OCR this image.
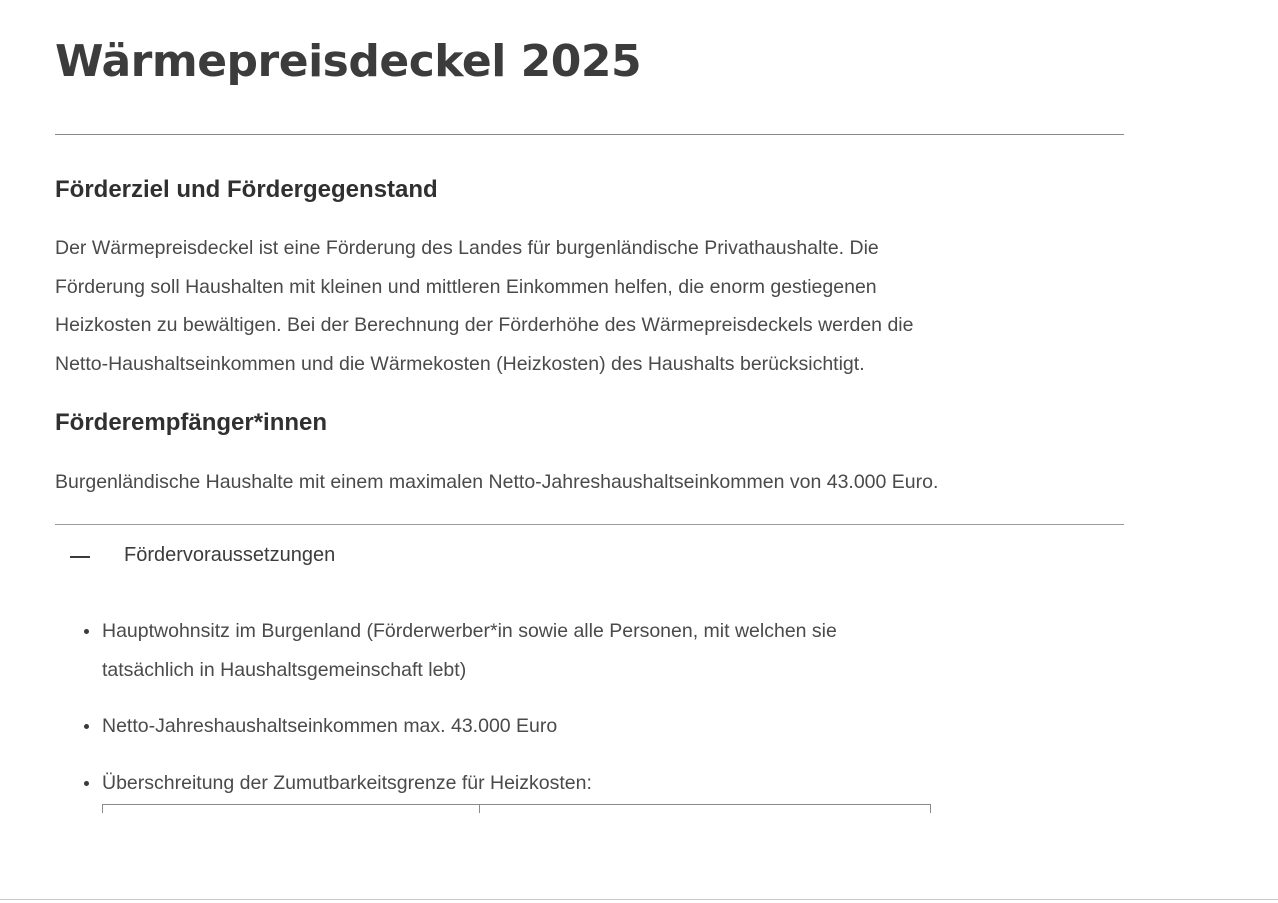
Wärmepreisdeckel 2025
Förderziel und Fördergegenstand

Der Wärmepreisdeckel ist eine Förderung des Landes für burgenländische Privathaushalte. Die
Förderung soll Haushalten mit kleinen und mittleren Einkommen helfen, die enorm gestiegenen
Heizkosten zu bewältigen. Bei der Berechnung der Förderhöhe des Wärmepreisdeckels werden die
Netto-Haushaltseinkommen und die Wärmekosten (Heizkosten) des Haushalts berücksichtigt.

Förderempfänger*innen

Burgenländische Haushalte mit einem maximalen Netto-Jahreshaushaltseinkommen von 43.000 Euro.

Fördervoraussetzungen
Hauptwohnsitz im Burgenland (Förderwerber*in sowie alle Personen, mit welchen sie
tatsächlich in Haushaltsgemeinschaft lebt)
Netto-Jahreshaushaltseinkommen max. 43.000 Euro
Überschreitung der Zumutbarkeitsgrenze für Heizkosten:
